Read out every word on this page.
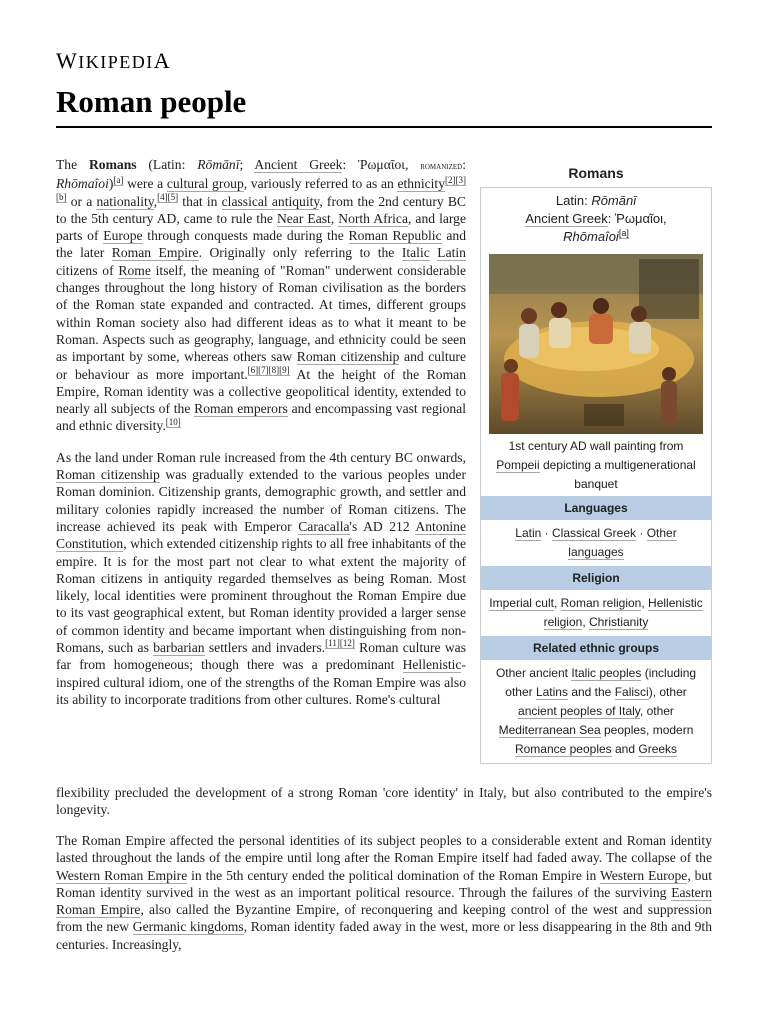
WIKIPEDIA
Roman people

The Romans (Latin: Rōmānī; Ancient Greek: Ῥωμαῖοι, romanized: Rhōmaîoi)[a] were a cultural group, variously referred to as an ethnicity[2][3][b] or a nationality,[4][5] that in classical antiquity, from the 2nd century BC to the 5th century AD, came to rule the Near East, North Africa, and large parts of Europe through conquests made during the Roman Republic and the later Roman Empire. Originally only referring to the Italic Latin citizens of Rome itself, the meaning of "Roman" underwent considerable changes throughout the long history of Roman civilisation as the borders of the Roman state expanded and contracted. At times, different groups within Roman society also had different ideas as to what it meant to be Roman. Aspects such as geography, language, and ethnicity could be seen as important by some, whereas others saw Roman citizenship and culture or behaviour as more important.[6][7][8][9] At the height of the Roman Empire, Roman identity was a collective geopolitical identity, extended to nearly all subjects of the Roman emperors and encompassing vast regional and ethnic diversity.[10]

As the land under Roman rule increased from the 4th century BC onwards, Roman citizenship was gradually extended to the various peoples under Roman dominion. Citizenship grants, demographic growth, and settler and military colonies rapidly increased the number of Roman citizens. The increase achieved its peak with Emperor Caracalla's AD 212 Antonine Constitution, which extended citizenship rights to all free inhabitants of the empire. It is for the most part not clear to what extent the majority of Roman citizens in antiquity regarded themselves as being Roman. Most likely, local identities were prominent throughout the Roman Empire due to its vast geographical extent, but Roman identity provided a larger sense of common identity and became important when distinguishing from non-Romans, such as barbarian settlers and invaders.[11][12] Roman culture was far from homogeneous; though there was a predominant Hellenistic-inspired cultural idiom, one of the strengths of the Roman Empire was also its ability to incorporate traditions from other cultures. Rome's cultural

flexibility precluded the development of a strong Roman 'core identity' in Italy, but also contributed to the empire's longevity.

The Roman Empire affected the personal identities of its subject peoples to a considerable extent and Roman identity lasted throughout the lands of the empire until long after the Roman Empire itself had faded away. The collapse of the Western Roman Empire in the 5th century ended the political domination of the Roman Empire in Western Europe, but Roman identity survived in the west as an important political resource. Through the failures of the surviving Eastern Roman Empire, also called the Byzantine Empire, of reconquering and keeping control of the west and suppression from the new Germanic kingdoms, Roman identity faded away in the west, more or less disappearing in the 8th and 9th centuries. Increasingly,

Romans
Latin: Rōmānī
Ancient Greek: Ῥωμαῖοι,
Rhōmaîoi[a]
1st century AD wall painting from
Pompeii depicting a multigenerational banquet
Languages
Latin · Classical Greek · Other languages
Religion
Imperial cult, Roman religion, Hellenistic religion, Christianity
Related ethnic groups
Other ancient Italic peoples (including other Latins and the Falisci), other ancient peoples of Italy, other Mediterranean Sea peoples, modern Romance peoples and Greeks
